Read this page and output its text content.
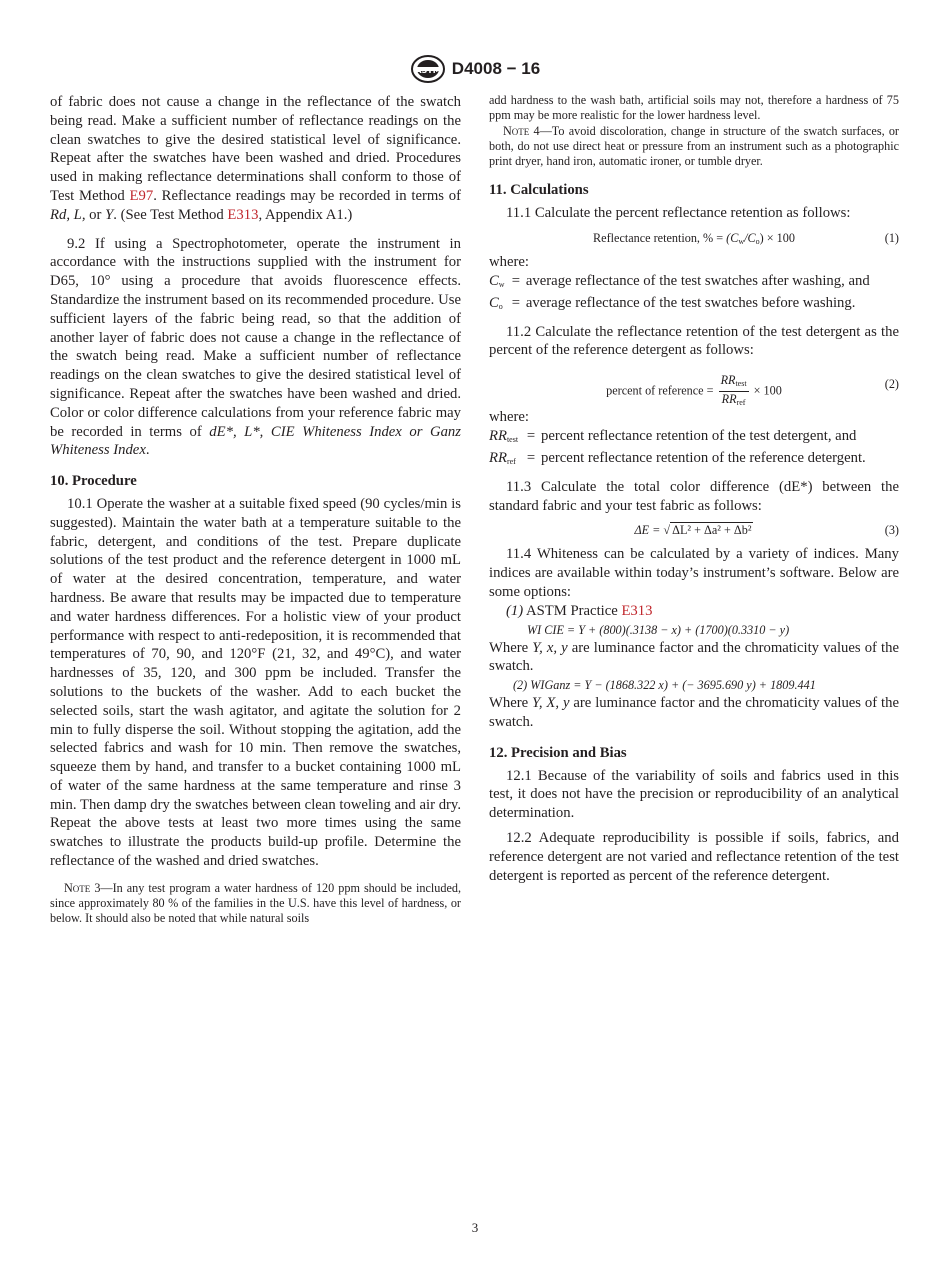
ASTM D4008 − 16

of fabric does not cause a change in the reflectance of the swatch being read. Make a sufficient number of reflectance readings on the clean swatches to give the desired statistical level of significance. Repeat after the swatches have been washed and dried. Procedures used in making reflectance determinations shall conform to those of Test Method E97. Reflectance readings may be recorded in terms of Rd, L, or Y. (See Test Method E313, Appendix A1.)

9.2 If using a Spectrophotometer, operate the instrument in accordance with the instructions supplied with the instrument for D65, 10° using a procedure that avoids fluorescence effects. Standardize the instrument based on its recommended procedure. Use sufficient layers of the fabric being read, so that the addition of another layer of fabric does not cause a change in the reflectance of the swatch being read. Make a sufficient number of reflectance readings on the clean swatches to give the desired statistical level of significance. Repeat after the swatches have been washed and dried. Color or color difference calculations from your reference fabric may be recorded in terms of dE*, L*, CIE Whiteness Index or Ganz Whiteness Index.

10. Procedure

10.1 Operate the washer at a suitable fixed speed (90 cycles/min is suggested). Maintain the water bath at a temperature suitable to the fabric, detergent, and conditions of the test. Prepare duplicate solutions of the test product and the reference detergent in 1000 mL of water at the desired concentration, temperature, and water hardness. Be aware that results may be impacted due to temperature and water hardness differences. For a holistic view of your product performance with respect to anti-redeposition, it is recommended that temperatures of 70, 90, and 120°F (21, 32, and 49°C), and water hardnesses of 35, 120, and 300 ppm be included. Transfer the solutions to the buckets of the washer. Add to each bucket the selected soils, start the wash agitator, and agitate the solution for 2 min to fully disperse the soil. Without stopping the agitation, add the selected fabrics and wash for 10 min. Then remove the swatches, squeeze them by hand, and transfer to a bucket containing 1000 mL of water of the same hardness at the same temperature and rinse 3 min. Then damp dry the swatches between clean toweling and air dry. Repeat the above tests at least two more times using the same swatches to illustrate the products build-up profile. Determine the reflectance of the washed and dried swatches.

Note 3—In any test program a water hardness of 120 ppm should be included, since approximately 80 % of the families in the U.S. have this level of hardness, or below. It should also be noted that while natural soils

add hardness to the wash bath, artificial soils may not, therefore a hardness of 75 ppm may be more realistic for the lower hardness level.

Note 4—To avoid discoloration, change in structure of the swatch surfaces, or both, do not use direct heat or pressure from an instrument such as a photographic print dryer, hand iron, automatic ironer, or tumble dryer.

11. Calculations

11.1 Calculate the percent reflectance retention as follows:

Reflectance retention, % = $(C_w/C_o) \times 100$	(1)

where:

$C_w$	=	average reflectance of the test swatches after washing, and
$C_o$	=	average reflectance of the test swatches before washing.

11.2 Calculate the reflectance retention of the test detergent as the percent of the reference detergent as follows:

percent of reference = $\frac{RR_{test}}{RR_{ref}} \times 100$	(2)

where:

$RR_{test}$	=	percent reflectance retention of the test detergent, and
$RR_{ref}$	=	percent reflectance retention of the reference detergent.

11.3 Calculate the total color difference (dE*) between the standard fabric and your test fabric as follows:

ΔE = √ ΔL² + Δa² + Δb²	(3)

11.4 Whiteness can be calculated by a variety of indices. Many indices are available within today’s instrument’s software. Below are some options:

(1) ASTM Practice E313

WI CIE = Y + (800)(.3138 − x) + (1700)(0.3310 − y)

Where Y, x, y are luminance factor and the chromaticity values of the swatch.

(2) WIGanz = Y − (1868.322 x) + (− 3695.690 y) + 1809.441

Where Y, X, y are luminance factor and the chromaticity values of the swatch.

12. Precision and Bias

12.1 Because of the variability of soils and fabrics used in this test, it does not have the precision or reproducibility of an analytical determination.

12.2 Adequate reproducibility is possible if soils, fabrics, and reference detergent are not varied and reflectance retention of the test detergent is reported as percent of the reference detergent.

3
